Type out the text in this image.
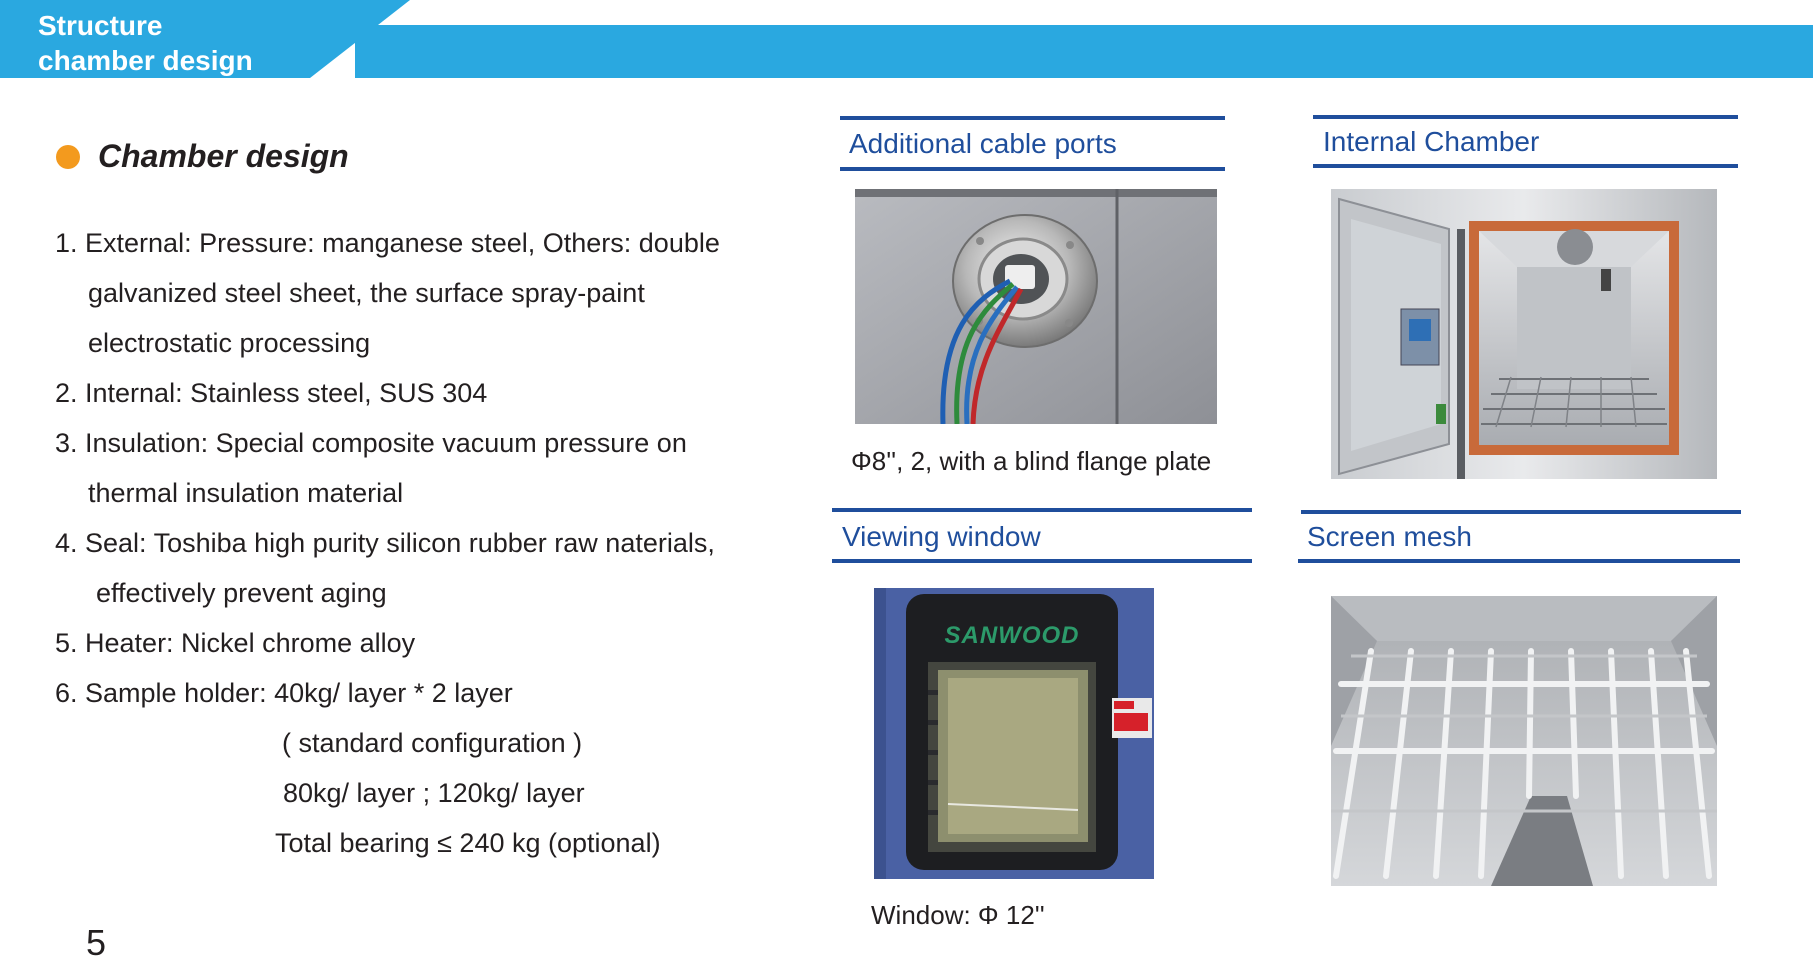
Structure
chamber design
Chamber design
1. External: Pressure: manganese steel, Others: double
galvanized steel sheet, the surface spray-paint
electrostatic processing
2. Internal: Stainless steel, SUS 304
3. Insulation: Special composite vacuum pressure on
thermal insulation material
4. Seal: Toshiba high purity silicon rubber raw naterials,
effectively prevent aging
5. Heater: Nickel chrome alloy
6. Sample holder: 40kg/ layer * 2 layer
( standard configuration )
80kg/ layer ; 120kg/ layer
Total bearing ≤ 240 kg (optional)
Additional cable ports
Φ8'', 2, with a blind flange plate
Internal Chamber
Viewing window
SANWOOD
Window: Φ 12''
Screen mesh
5
